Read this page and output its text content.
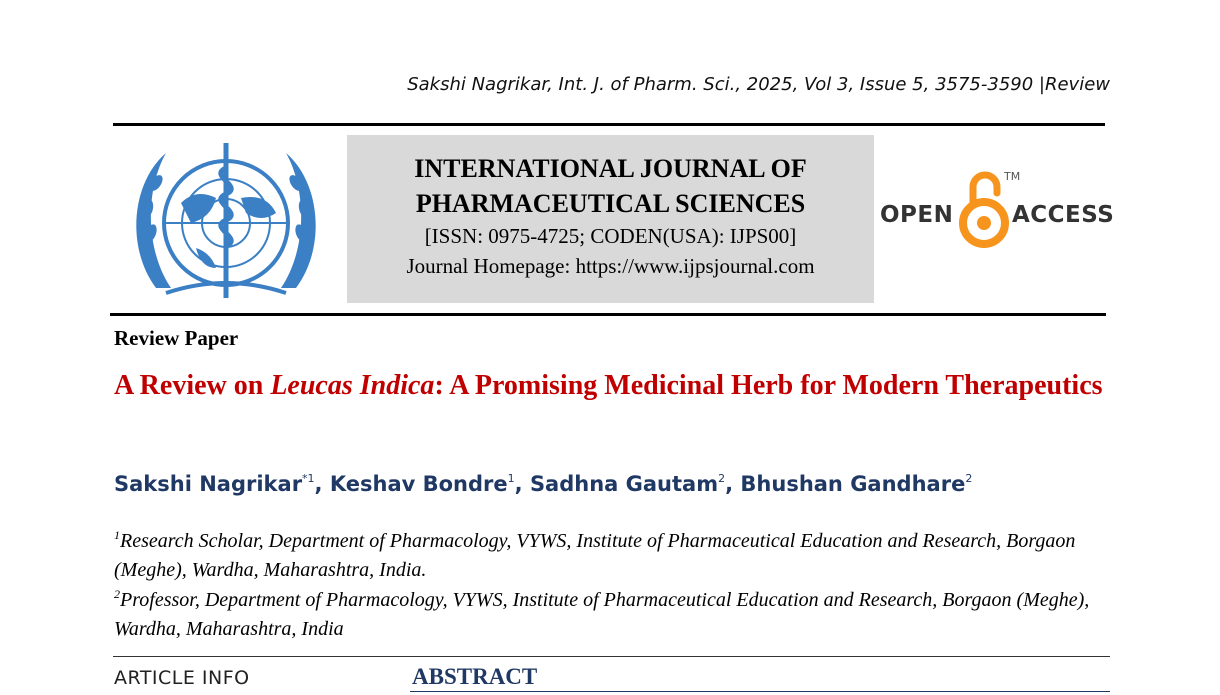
Sakshi Nagrikar, Int. J. of Pharm. Sci., 2025, Vol 3, Issue 5, 3575-3590 |Review
INTERNATIONAL JOURNAL OF
PHARMACEUTICAL SCIENCES
[ISSN: 0975-4725; CODEN(USA): IJPS00]
Journal Homepage: https://www.ijpsjournal.com
OPEN
TM
ACCESS
Review Paper
A Review on Leucas Indica: A Promising Medicinal Herb for Modern Therapeutics
Sakshi Nagrikar$^{*1}$, Keshav Bondre$^1$, Sadhna Gautam$^2$, Bhushan Gandhare$^2$
$^1$Research Scholar, Department of Pharmacology, VYWS, Institute of Pharmaceutical Education and Research, Borgaon (Meghe), Wardha, Maharashtra, India.
$^2$Professor, Department of Pharmacology, VYWS, Institute of Pharmaceutical Education and Research, Borgaon (Meghe), Wardha, Maharashtra, India
ARTICLE INFO	ABSTRACT
